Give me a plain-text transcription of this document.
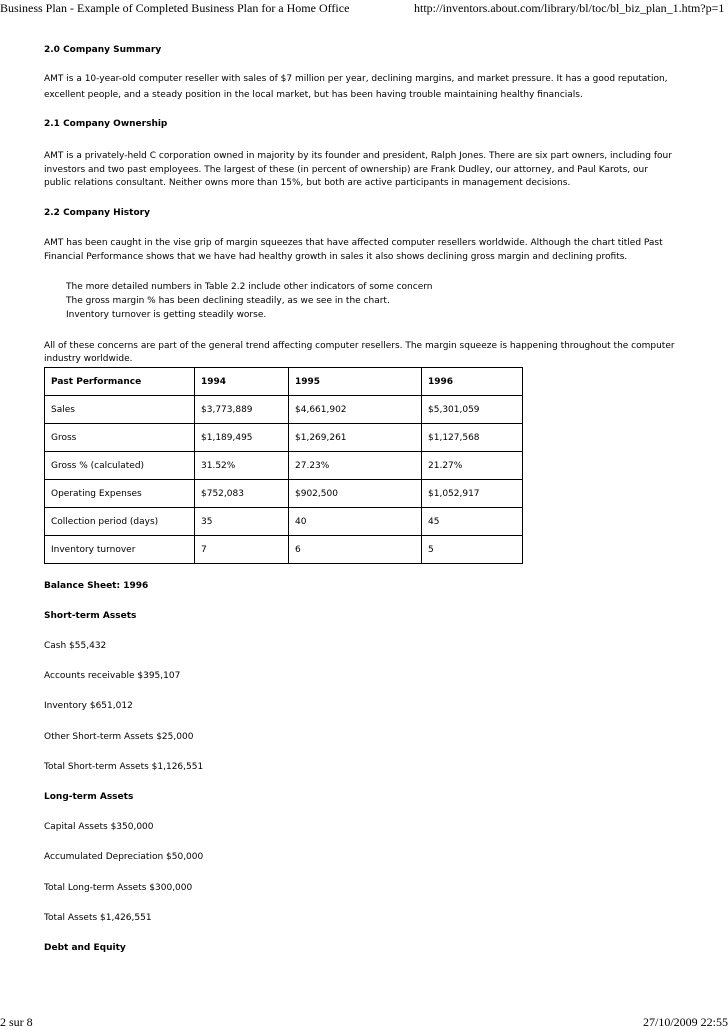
Business Plan - Example of Completed Business Plan for a Home Office	http://inventors.about.com/library/bl/toc/bl_biz_plan_1.htm?p=1
2.0 Company Summary
AMT is a 10-year-old computer reseller with sales of $7 million per year, declining margins, and market pressure. It has a good reputation,
excellent people, and a steady position in the local market, but has been having trouble maintaining healthy financials.
2.1 Company Ownership
AMT is a privately-held C corporation owned in majority by its founder and president, Ralph Jones. There are six part owners, including four
investors and two past employees. The largest of these (in percent of ownership) are Frank Dudley, our attorney, and Paul Karots, our
public relations consultant. Neither owns more than 15%, but both are active participants in management decisions.
2.2 Company History
AMT has been caught in the vise grip of margin squeezes that have affected computer resellers worldwide. Although the chart titled Past
Financial Performance shows that we have had healthy growth in sales it also shows declining gross margin and declining profits.
The more detailed numbers in Table 2.2 include other indicators of some concern
The gross margin % has been declining steadily, as we see in the chart.
Inventory turnover is getting steadily worse.
All of these concerns are part of the general trend affecting computer resellers. The margin squeeze is happening throughout the computer
industry worldwide.
Past Performance	1994	1995	1996
Sales	$3,773,889	$4,661,902	$5,301,059
Gross	$1,189,495	$1,269,261	$1,127,568
Gross % (calculated)	31.52%	27.23%	21.27%
Operating Expenses	$752,083	$902,500	$1,052,917
Collection period (days)	35	40	45
Inventory turnover	7	6	5
Balance Sheet: 1996
Short-term Assets
Cash $55,432
Accounts receivable $395,107
Inventory $651,012
Other Short-term Assets $25,000
Total Short-term Assets $1,126,551
Long-term Assets
Capital Assets $350,000
Accumulated Depreciation $50,000
Total Long-term Assets $300,000
Total Assets $1,426,551
Debt and Equity
2 sur 8	27/10/2009 22:55
